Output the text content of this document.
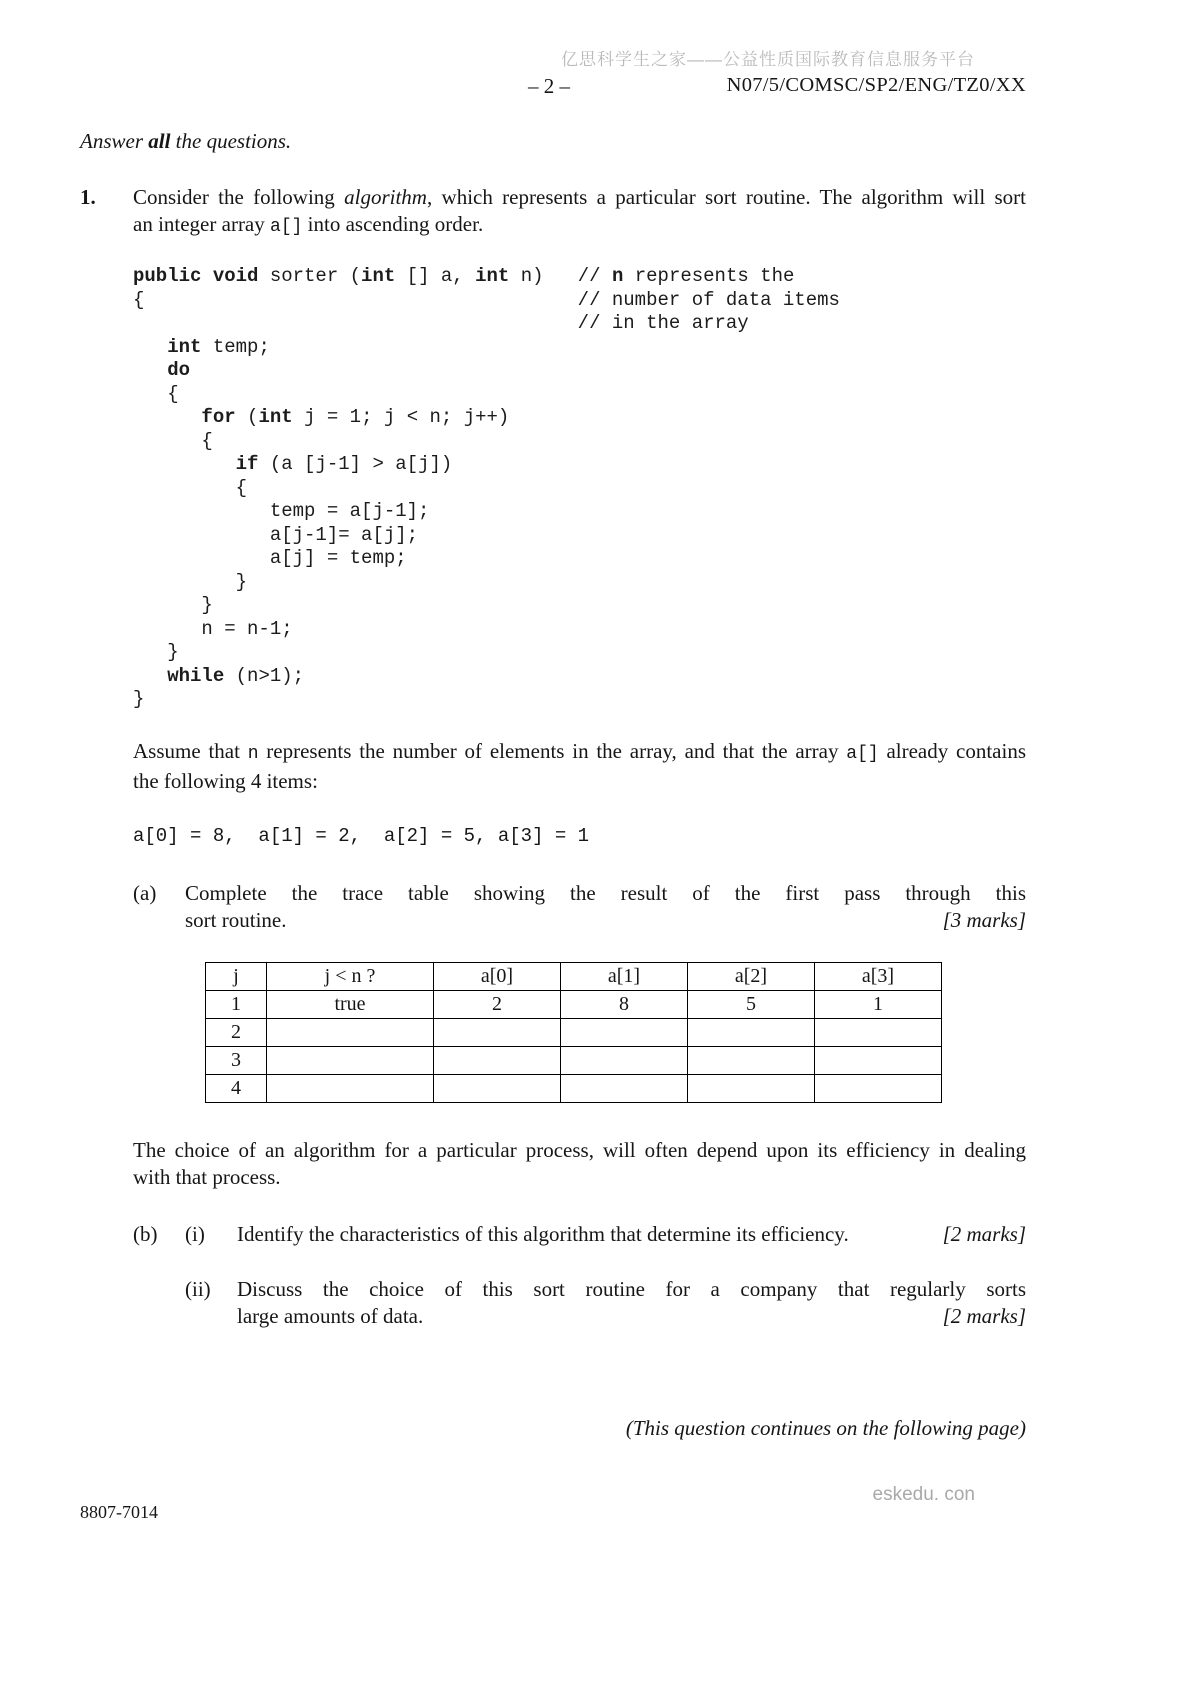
亿思科学生之家——公益性质国际教育信息服务平台
– 2 –	N07/5/COMSC/SP2/ENG/TZ0/XX
Answer all the questions.
1.	Consider the following algorithm, which represents a particular sort routine. The algorithm will sort
an integer array a[] into ascending order.
public void sorter (int [] a, int n)   // n represents the
{                                      // number of data items
// in the array
int temp;
do
{
for (int j = 1; j < n; j++)
{
if (a [j-1] > a[j])
{
temp = a[j-1];
a[j-1]= a[j];
a[j] = temp;
}
}
n = n-1;
}
while (n>1);
}
Assume that n represents the number of elements in the array, and that the array a[] already contains
the following 4 items:
a[0] = 8,  a[1] = 2,  a[2] = 5, a[3] = 1
(a)	Complete the trace table showing the result of the first pass through this
sort routine.	[3 marks]
j	j < n ?	a[0]	a[1]	a[2]	a[3]
1	true	2	8	5	1
2					
3					
4					
The choice of an algorithm for a particular process, will often depend upon its efficiency in dealing
with that process.
(b)	(i)	Identify the characteristics of this algorithm that determine its efficiency.	[2 marks]
(ii)	Discuss the choice of this sort routine for a company that regularly sorts
large amounts of data.	[2 marks]
(This question continues on the following page)
8807-7014
eskedu. con
